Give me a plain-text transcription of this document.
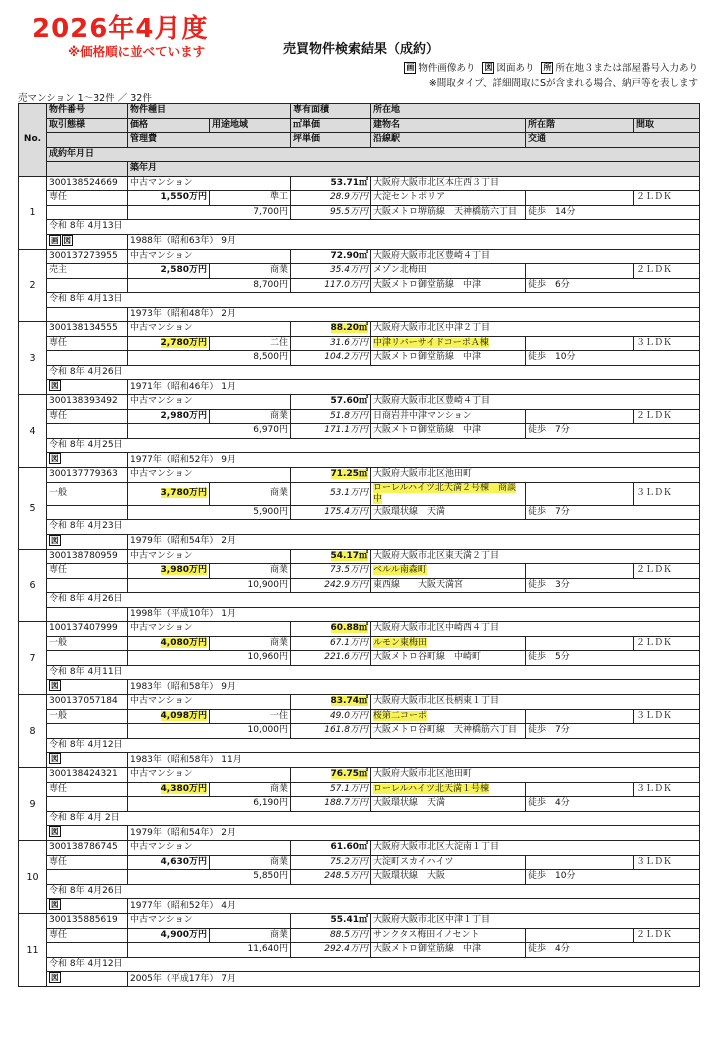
2026年4月度
※価格順に並べています	売買物件検索結果（成約）
画 物件画像あり 図 図面あり 所 所在地３または部屋番号入力あり
※間取タイプ、詳細間取にSが含まれる場合、納戸等を表します
売マンション 1～32件 ／ 32件
No.	物件番号	物件種目		専有面積	所在地		
	取引態様	価格	用途地域	㎡単価	建物名	所在階	間取
		管理費		坪単価	沿線駅	交通	
	成約年月日						
		築年月					
1	300138524669	中古マンション		53.71㎡	大阪府大阪市北区本庄西３丁目		
	専任	1,550万円	準工	28.9万円	大淀セントポリア		２ＬＤＫ
		7,700円		95.5万円	大阪メトロ堺筋線　天神橋筋六丁目	徒歩　14分	
	令和 8年 4月13日						
	画 図	1988年（昭和63年） 9月					
2	300137273955	中古マンション		72.90㎡	大阪府大阪市北区豊崎４丁目		
	売主	2,580万円	商業	35.4万円	メゾン北梅田		２ＬＤＫ
		8,700円		117.0万円	大阪メトロ御堂筋線　中津	徒歩　6分	
	令和 8年 4月13日						
		1973年（昭和48年） 2月					
3	300138134555	中古マンション		88.20㎡	大阪府大阪市北区中津２丁目		
	専任	2,780万円	二住	31.6万円	中津リバーサイドコーポＡ棟		３ＬＤＫ
		8,500円		104.2万円	大阪メトロ御堂筋線　中津	徒歩　10分	
	令和 8年 4月26日						
	図	1971年（昭和46年） 1月					
4	300138393492	中古マンション		57.60㎡	大阪府大阪市北区豊崎４丁目		
	専任	2,980万円	商業	51.8万円	日商岩井中津マンション		２ＬＤＫ
		6,970円		171.1万円	大阪メトロ御堂筋線　中津	徒歩　7分	
	令和 8年 4月25日						
	図	1977年（昭和52年） 9月					
5	300137779363	中古マンション		71.25㎡	大阪府大阪市北区池田町		
	一般	3,780万円	商業	53.1万円	ローレルハイツ北天満２号棟　商談中		３ＬＤＫ
		5,900円		175.4万円	大阪環状線　天満	徒歩　7分	
	令和 8年 4月23日						
	図	1979年（昭和54年） 2月					
6	300138780959	中古マンション		54.17㎡	大阪府大阪市北区東天満２丁目		
	専任	3,980万円	商業	73.5万円	ベルル南森町		２ＬＤＫ
		10,900円		242.9万円	東西線　　大阪天満宮	徒歩　3分	
	令和 8年 4月26日						
		1998年（平成10年） 1月					
7	100137407999	中古マンション		60.88㎡	大阪府大阪市北区中崎西４丁目		
	一般	4,080万円	商業	67.1万円	ルモン東梅田		２ＬＤＫ
		10,960円		221.6万円	大阪メトロ谷町線　中崎町	徒歩　5分	
	令和 8年 4月11日						
	図	1983年（昭和58年） 9月					
8	300137057184	中古マンション		83.74㎡	大阪府大阪市北区長柄東１丁目		
	一般	4,098万円	一住	49.0万円	桜第二コーポ		３ＬＤＫ
		10,000円		161.8万円	大阪メトロ谷町線　天神橋筋六丁目	徒歩　7分	
	令和 8年 4月12日						
	図	1983年（昭和58年） 11月					
9	300138424321	中古マンション		76.75㎡	大阪府大阪市北区池田町		
	専任	4,380万円	商業	57.1万円	ローレルハイツ北天満１号棟		３ＬＤＫ
		6,190円		188.7万円	大阪環状線　天満	徒歩　4分	
	令和 8年 4月 2日						
	図	1979年（昭和54年） 2月					
10	300138786745	中古マンション		61.60㎡	大阪府大阪市北区大淀南１丁目		
	専任	4,630万円	商業	75.2万円	大淀町スカイハイツ		３ＬＤＫ
		5,850円		248.5万円	大阪環状線　大阪	徒歩　10分	
	令和 8年 4月26日						
	図	1977年（昭和52年） 4月					
11	300135885619	中古マンション		55.41㎡	大阪府大阪市北区中津１丁目		
	専任	4,900万円	商業	88.5万円	サンクタス梅田イノセント		２ＬＤＫ
		11,640円		292.4万円	大阪メトロ御堂筋線　中津	徒歩　4分	
	令和 8年 4月12日						
	図	2005年（平成17年） 7月					
